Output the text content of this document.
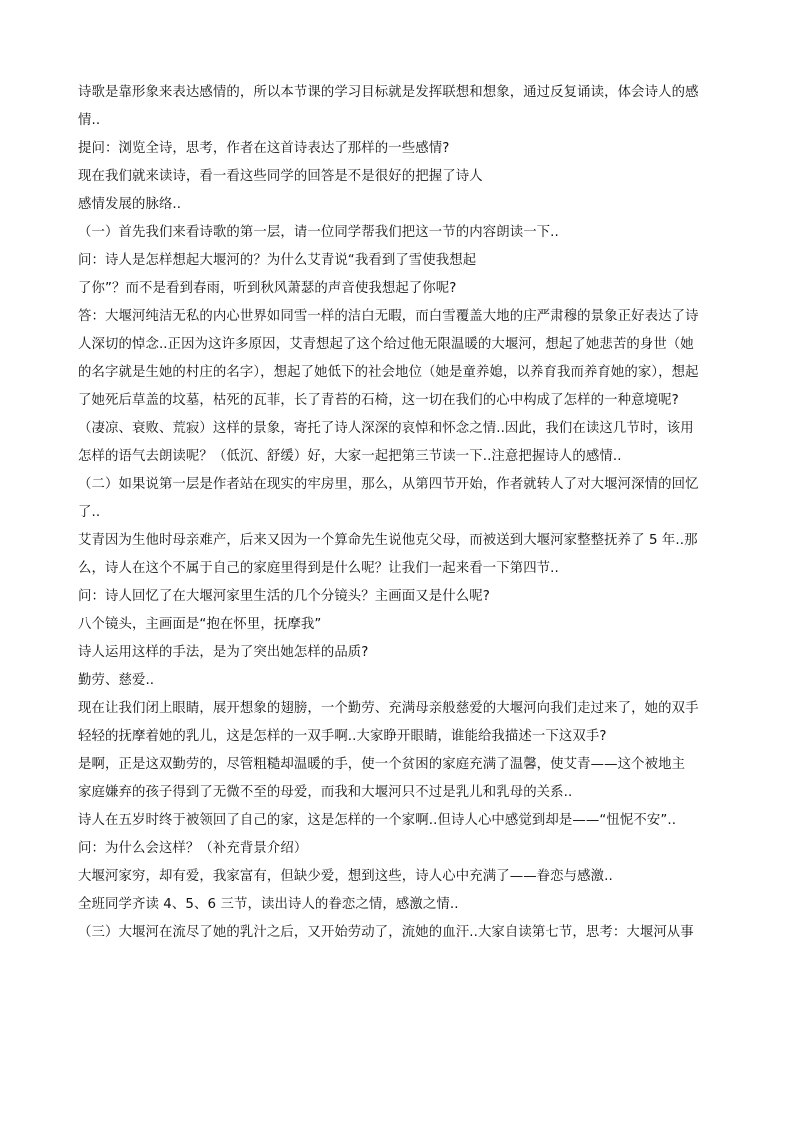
诗歌是靠形象来表达感情的，所以本节课的学习目标就是发挥联想和想象，通过反复诵读，体会诗人的感
情..
提问：浏览全诗，思考，作者在这首诗表达了那样的一些感情?
现在我们就来读诗，看一看这些同学的回答是不是很好的把握了诗人
感情发展的脉络..
（一）首先我们来看诗歌的第一层，请一位同学帮我们把这一节的内容朗读一下..
问：诗人是怎样想起大堰河的？为什么艾青说“我看到了雪使我想起
了你”？而不是看到春雨，听到秋风萧瑟的声音使我想起了你呢?
答：大堰河纯洁无私的内心世界如同雪一样的洁白无暇，而白雪覆盖大地的庄严肃穆的景象正好表达了诗
人深切的悼念..正因为这许多原因，艾青想起了这个给过他无限温暖的大堰河，想起了她悲苦的身世（她
的名字就是生她的村庄的名字），想起了她低下的社会地位（她是童养媳，以养育我而养育她的家），想起
了她死后草盖的坟墓，枯死的瓦菲，长了青苔的石椅，这一切在我们的心中构成了怎样的一种意境呢?
（凄凉、衰败、荒寂）这样的景象，寄托了诗人深深的哀悼和怀念之情..因此，我们在读这几节时，该用
怎样的语气去朗读呢？（低沉、舒缓）好，大家一起把第三节读一下..注意把握诗人的感情..
（二）如果说第一层是作者站在现实的牢房里，那么，从第四节开始，作者就转人了对大堰河深情的回忆
了..
艾青因为生他时母亲难产，后来又因为一个算命先生说他克父母，而被送到大堰河家整整抚养了 5 年..那
么，诗人在这个不属于自己的家庭里得到是什么呢？让我们一起来看一下第四节..
问：诗人回忆了在大堰河家里生活的几个分镜头？主画面又是什么呢?
八个镜头，主画面是“抱在怀里，抚摩我”
诗人运用这样的手法，是为了突出她怎样的品质?
勤劳、慈爱..
现在让我们闭上眼睛，展开想象的翅膀，一个勤劳、充满母亲般慈爱的大堰河向我们走过来了，她的双手
轻轻的抚摩着她的乳儿，这是怎样的一双手啊..大家睁开眼睛，谁能给我描述一下这双手?
是啊，正是这双勤劳的，尽管粗糙却温暖的手，使一个贫困的家庭充满了温馨，使艾青——这个被地主
家庭嫌弃的孩子得到了无微不至的母爱，而我和大堰河只不过是乳儿和乳母的关系..
诗人在五岁时终于被领回了自己的家，这是怎样的一个家啊..但诗人心中感觉到却是——“忸怩不安”..
问：为什么会这样？（补充背景介绍）
大堰河家穷，却有爱，我家富有，但缺少爱，想到这些，诗人心中充满了——眷恋与感激..
全班同学齐读 4、5、6 三节，读出诗人的眷恋之情，感激之情..
（三）大堰河在流尽了她的乳汁之后，又开始劳动了，流她的血汗..大家自读第七节，思考：大堰河从事
